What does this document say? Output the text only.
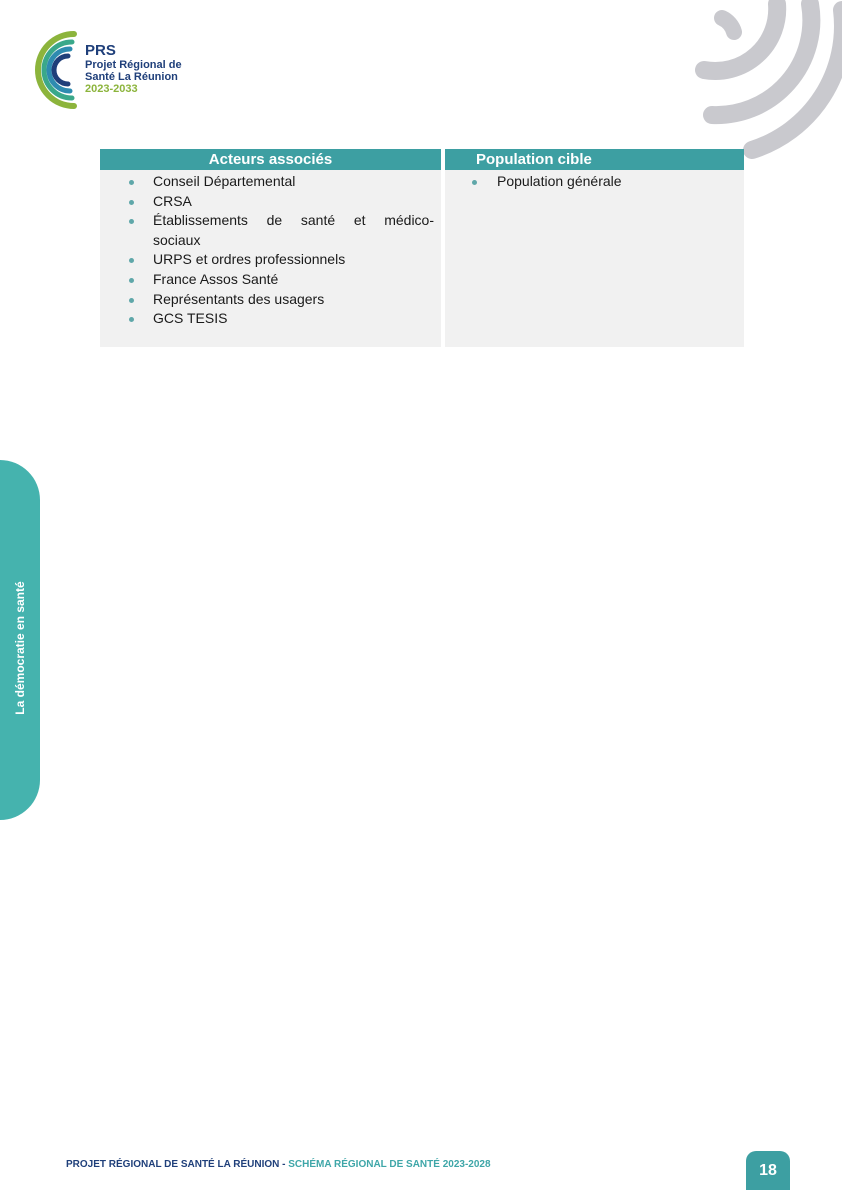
PRS
Projet Régional de
Santé La Réunion
2023-2033
Acteurs associés
Conseil Départemental
CRSA
Établissements de santé et médico-
sociaux
URPS et ordres professionnels
France Assos Santé
Représentants des usagers
GCS TESIS
Population cible
Population générale
La démocratie en santé
PROJET RÉGIONAL DE SANTÉ LA RÉUNION - SCHÉMA RÉGIONAL DE SANTÉ 2023-2028	18
